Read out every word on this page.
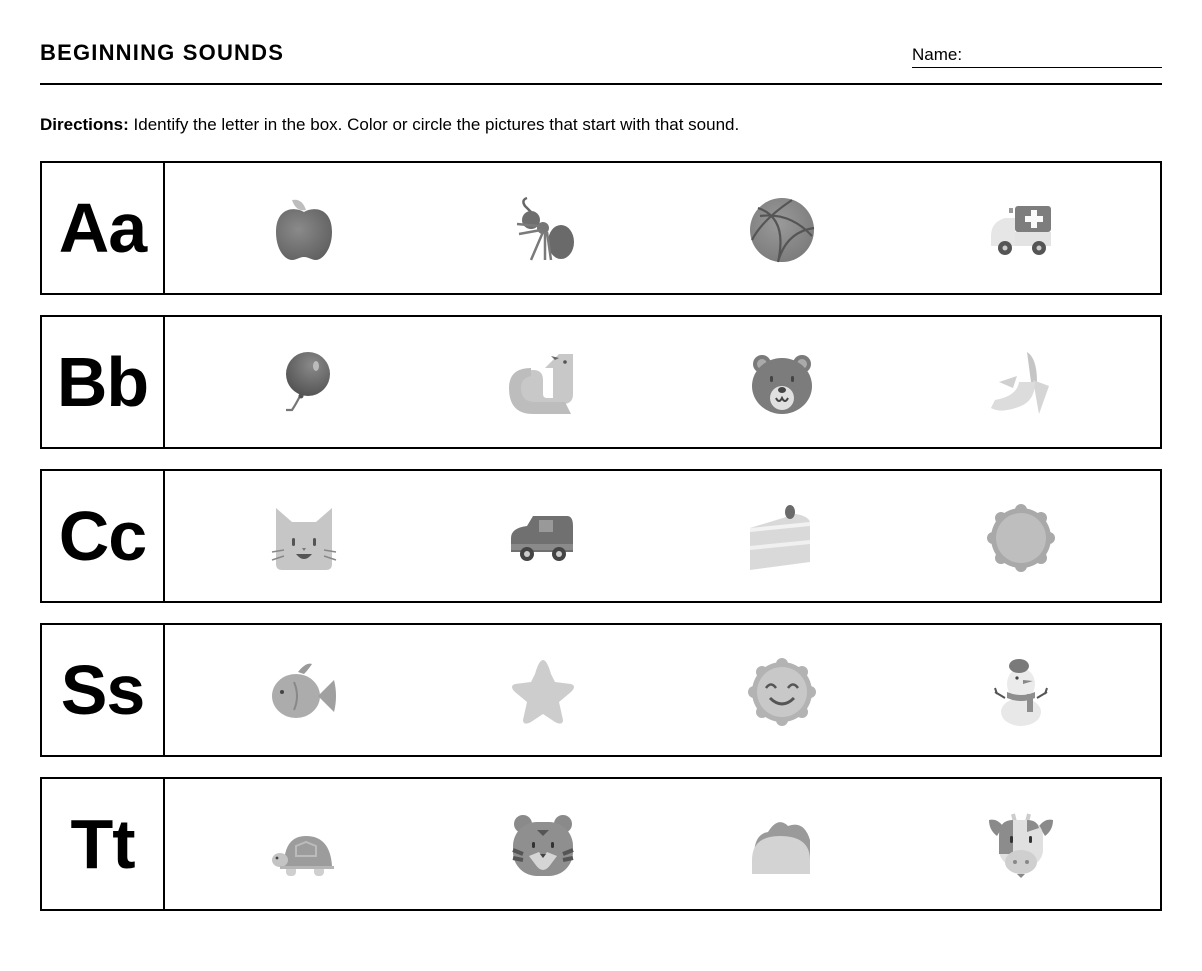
BEGINNING SOUNDS	Name:
Directions: Identify the letter in the box. Color or circle the pictures that start with that sound.
Aa
Bb
Cc
Ss
Tt
